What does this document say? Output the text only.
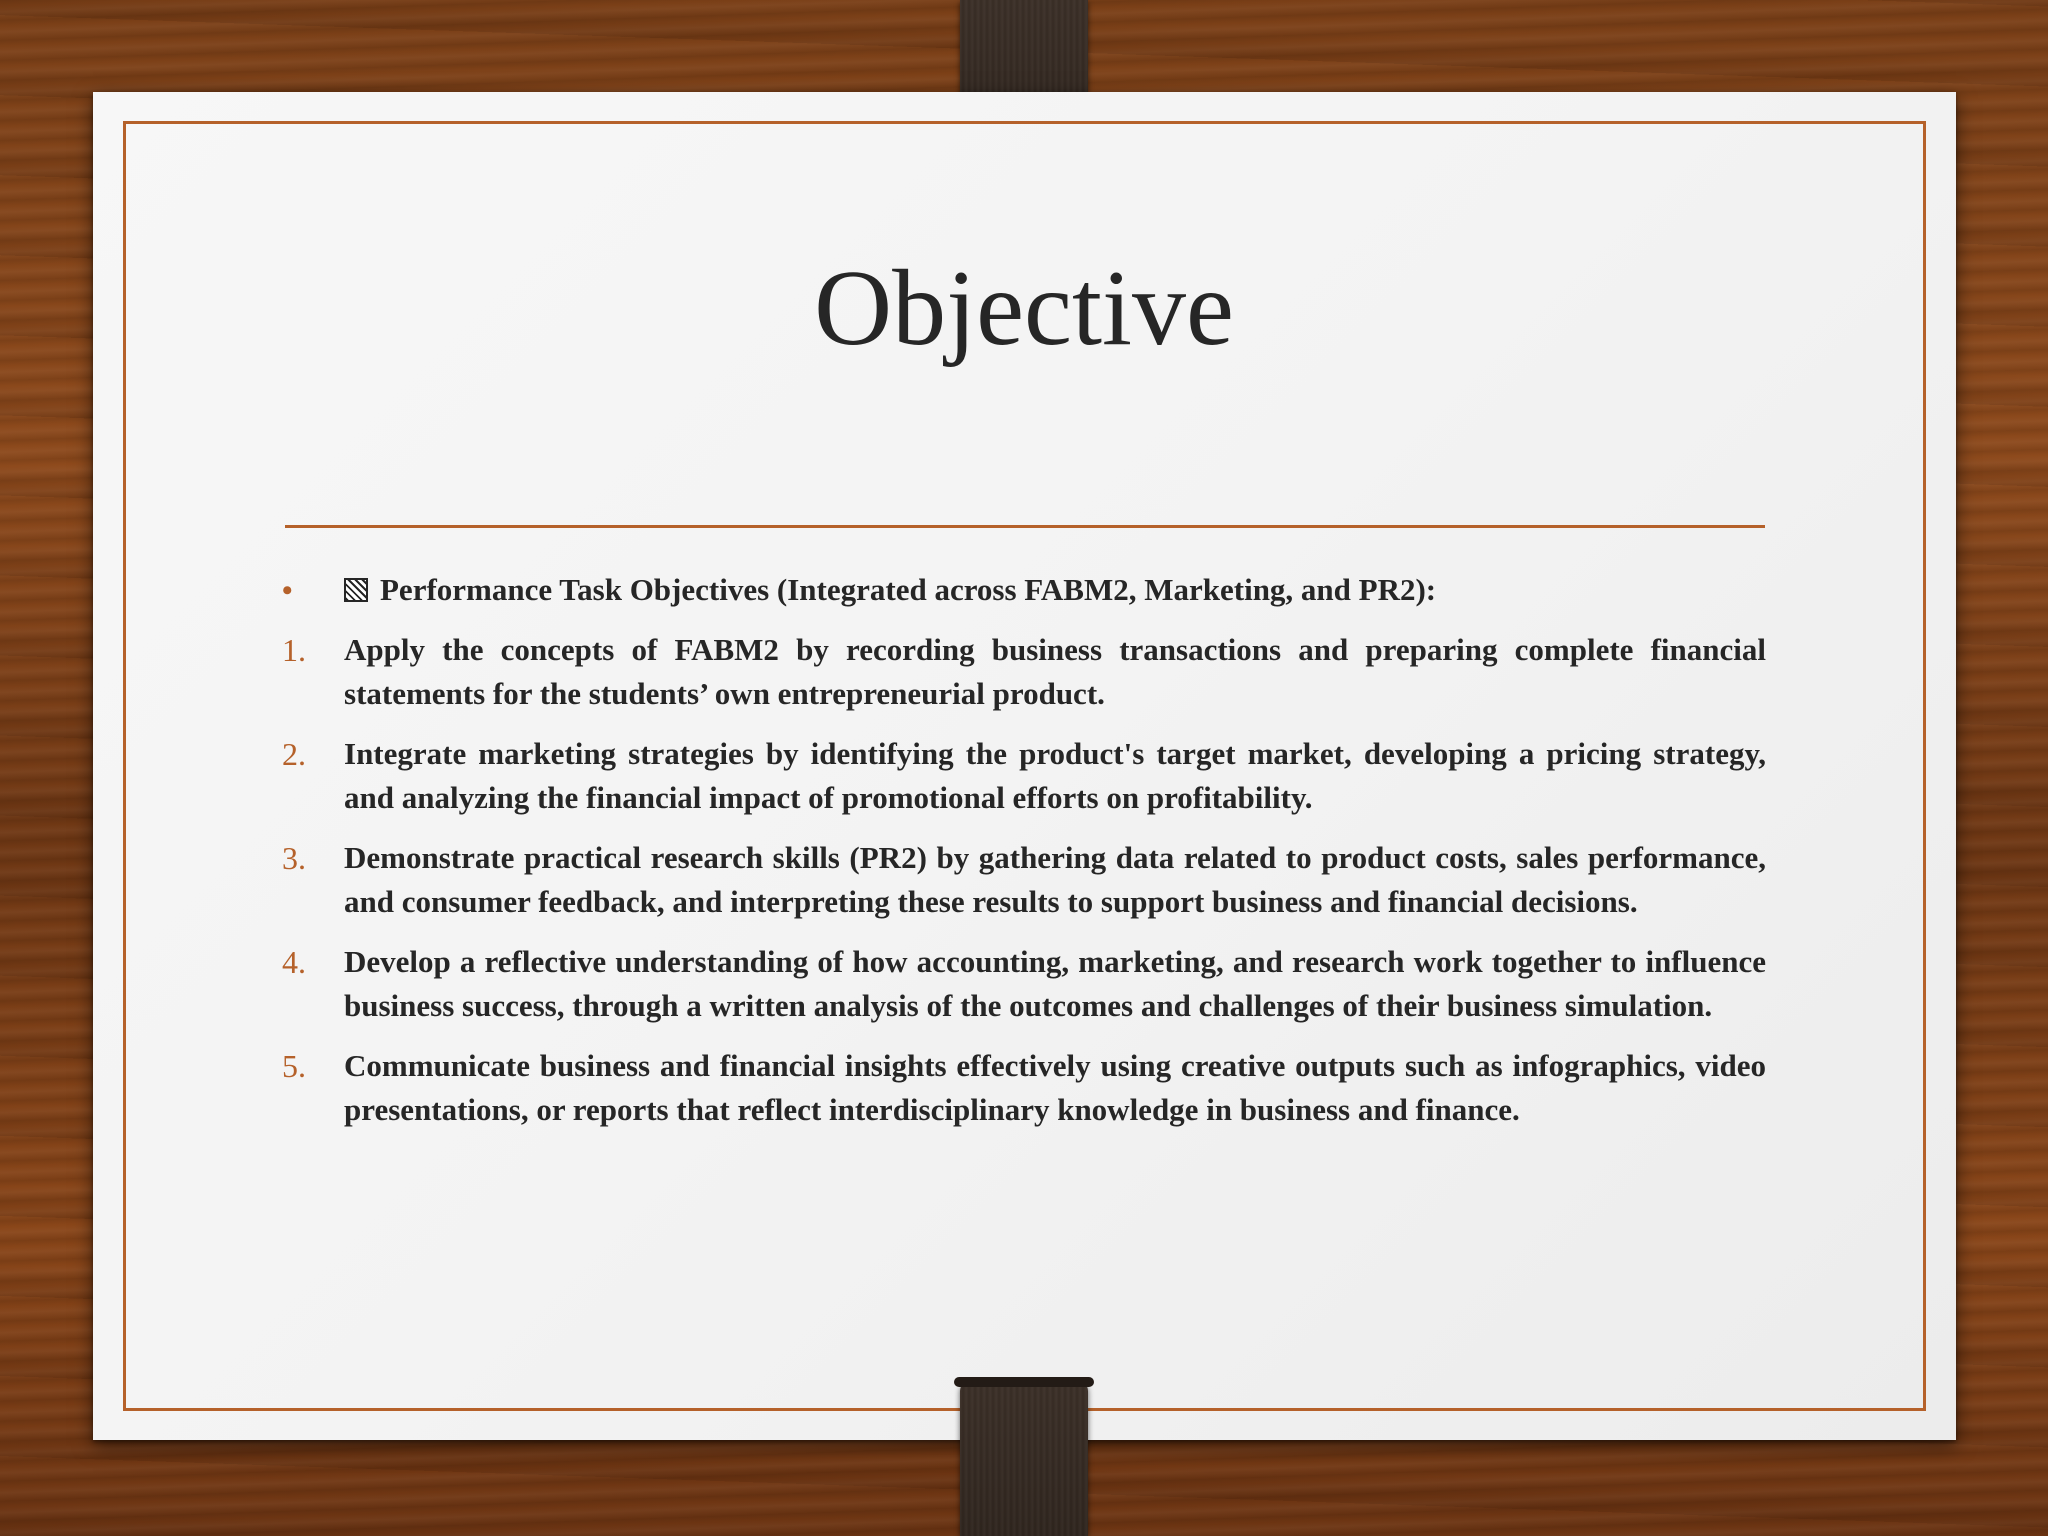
Objective
•	Performance Task Objectives (Integrated across FABM2, Marketing, and PR2):
1.	Apply the concepts of FABM2 by recording business transactions and preparing complete financial statements for the students’ own entrepreneurial product.
2.	Integrate marketing strategies by identifying the product's target market, developing a pricing strategy, and analyzing the financial impact of promotional efforts on profitability.
3.	Demonstrate practical research skills (PR2) by gathering data related to product costs, sales performance, and consumer feedback, and interpreting these results to support business and financial decisions.
4.	Develop a reflective understanding of how accounting, marketing, and research work together to influence business success, through a written analysis of the outcomes and challenges of their business simulation.
5.	Communicate business and financial insights effectively using creative outputs such as infographics, video presentations, or reports that reflect interdisciplinary knowledge in business and finance.
